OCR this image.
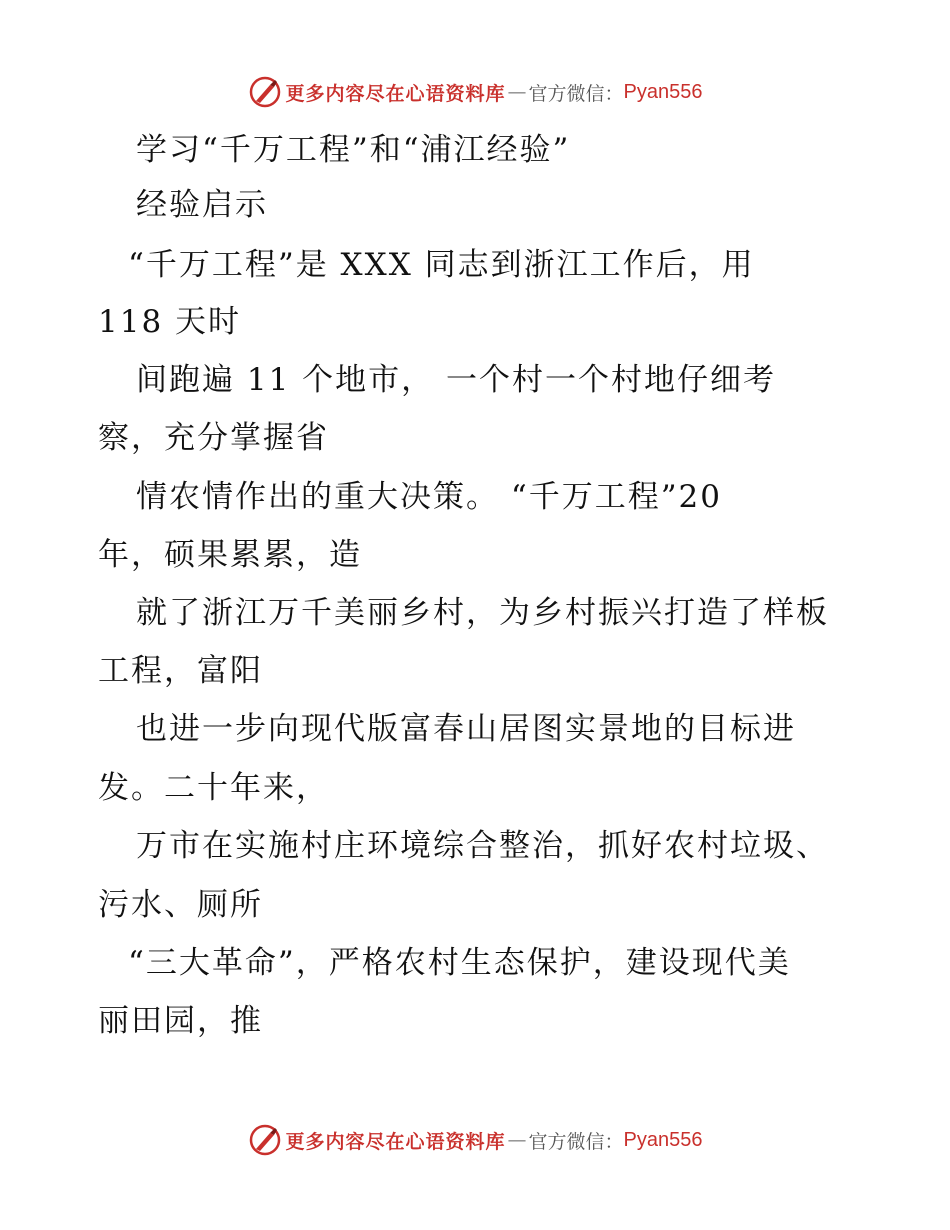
更多内容尽在心语资料库 — 官方微信： Pyan556
学习“千万工程”和“浦江经验”
经验启示
“千万工程”是 XXX 同志到浙江工作后，用
118 天时
间跑遍 11 个地市， 一个村一个村地仔细考
察，充分掌握省
情农情作出的重大决策。 “千万工程”20
年，硕果累累，造
就了浙江万千美丽乡村，为乡村振兴打造了样板
工程，富阳
也进一步向现代版富春山居图实景地的目标进
发。二十年来，
万市在实施村庄环境综合整治，抓好农村垃圾、
污水、厕所
“三大革命”，严格农村生态保护，建设现代美
丽田园，推
更多内容尽在心语资料库 — 官方微信： Pyan556
